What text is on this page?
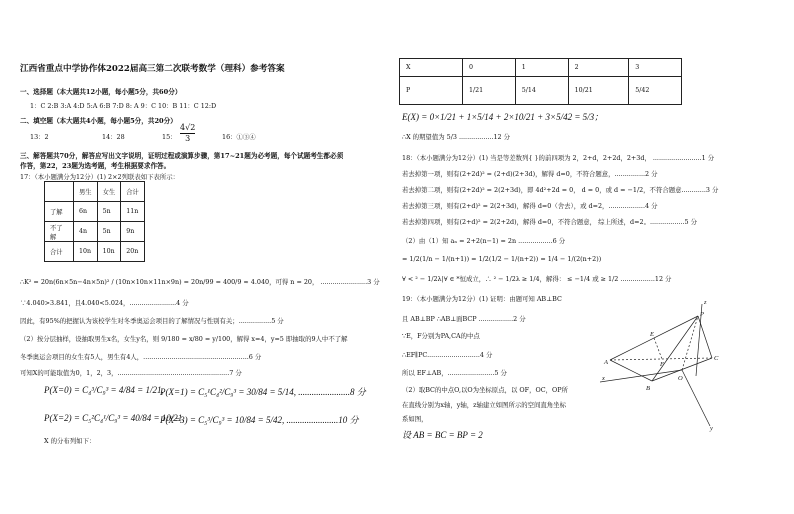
江西省重点中学协作体2022届高三第二次联考数学（理科）参考答案
一、选择题（本大题共12小题，每小题5分，共60分）
1：C 2:B 3:A 4:D 5:A 6:B 7:D 8: A 9：C 10：B 11：C 12:D
二、填空题（本大题共4小题，每小题5分，共20分）
13：2	14：28	15： $\frac{4√2}{3}$	16：①③④
三、解答题共70分，解答应写出文字说明，证明过程或演算步骤，第17~21题为必考题，每个试题考生都必须
作答，第22，23题为选考题，考生根据要求作答。
17：（本小题满分为12分）(1) 2×2列联表如下表所示：
	男生	女生	合计
了解	6n	5n	11n
不了解	4n	5n	9n
合计	10n	10n	20n
∴K² = 20n(6n×5n−4n×5n)² / (10n×10n×11n×9n) = 20n/99 = 400/9 ≈ 4.040，可得 n = 20， .......................3 分
∵4.040>3.841，且4.040<5.024，.......................4 分
因此，有95%的把握认为该校学生对冬季奥运会项目的了解情况与性别有关；................5 分
（2）按分层抽样，设抽取男生x名，女生y名，则 9/180 = x/80 = y/100，解得 x=4，y=5 即抽取的9人中不了解
冬季奥运会项目的女生有5人，男生有4人，....................................................6 分
可知X的可能取值为0，1，2，3，.......................................................7 分
P(X=0) = C₄³/C₉³ = 4/84 = 1/21,
P(X=1) = C₅¹C₄²/C₉³ = 30/84 = 5/14, .......................8 分
P(X=2) = C₅²C₄¹/C₉³ = 40/84 = 10/21,
P(X=3) = C₅³/C₉³ = 10/84 = 5/42, .......................10 分
X 的分布列如下：
X	0	1	2	3
P	1/21	5/14	10/21	5/42
E(X) = 0×1/21 + 1×5/14 + 2×10/21 + 3×5/42 = 5/3；
∴X 的期望值为 5/3 .................12 分
18：（本小题满分为12分）(1) 当是等差数列{ }的前四项为 2，2+d，2+2d，2+3d， ........................1 分
若去掉第一项，则有(2+2d)² = (2+d)(2+3d)，解得 d=0，不符合题意，...............2 分
若去掉第二项，则有(2+2d)² = 2(2+3d)，即 4d²+2d = 0， d = 0，或 d = −1/2，不符合题意............3 分
若去掉第三项，则有(2+d)² = 2(2+3d)，解得 d=0（舍去），或 d=2，..................4 分
若去掉第四项，则有(2+d)² = 2(2+2d)，解得 d=0，不符合题意， 综上所述，d=2。.................5 分
（2）由（1）知 aₙ = 2+2(n−1) = 2n .................6 分
= 1/2(1/n − 1/(n+1)) = 1/2(1/2 − 1/(n+2)) = 1/4 − 1/(2(n+2))
∀ < ² − 1/2λ|∀ ∈ *恒成立，∴ ² − 1/2λ ≥ 1/4，解得： ≤ −1/4 或 ≥ 1/2 .................12 分
19：（本小题满分为12分）(1) 证明：由题可知 AB⊥BC
且 AB⊥BP ∴AB⊥面BCP .................2 分
∵E，F分别为PA,CA的中点
∴EF∥PC..........................4 分
所以 EF⊥AB，.......................5 分
（2）取BC的中点O,以O为坐标原点，以 OF，OC，OP所
在直线分别为x轴，y轴，z轴建立如图所示的空间直角坐标
系如图，
设 AB = BC = BP = 2
z
P
E
A	F
C
B
O
x
y
